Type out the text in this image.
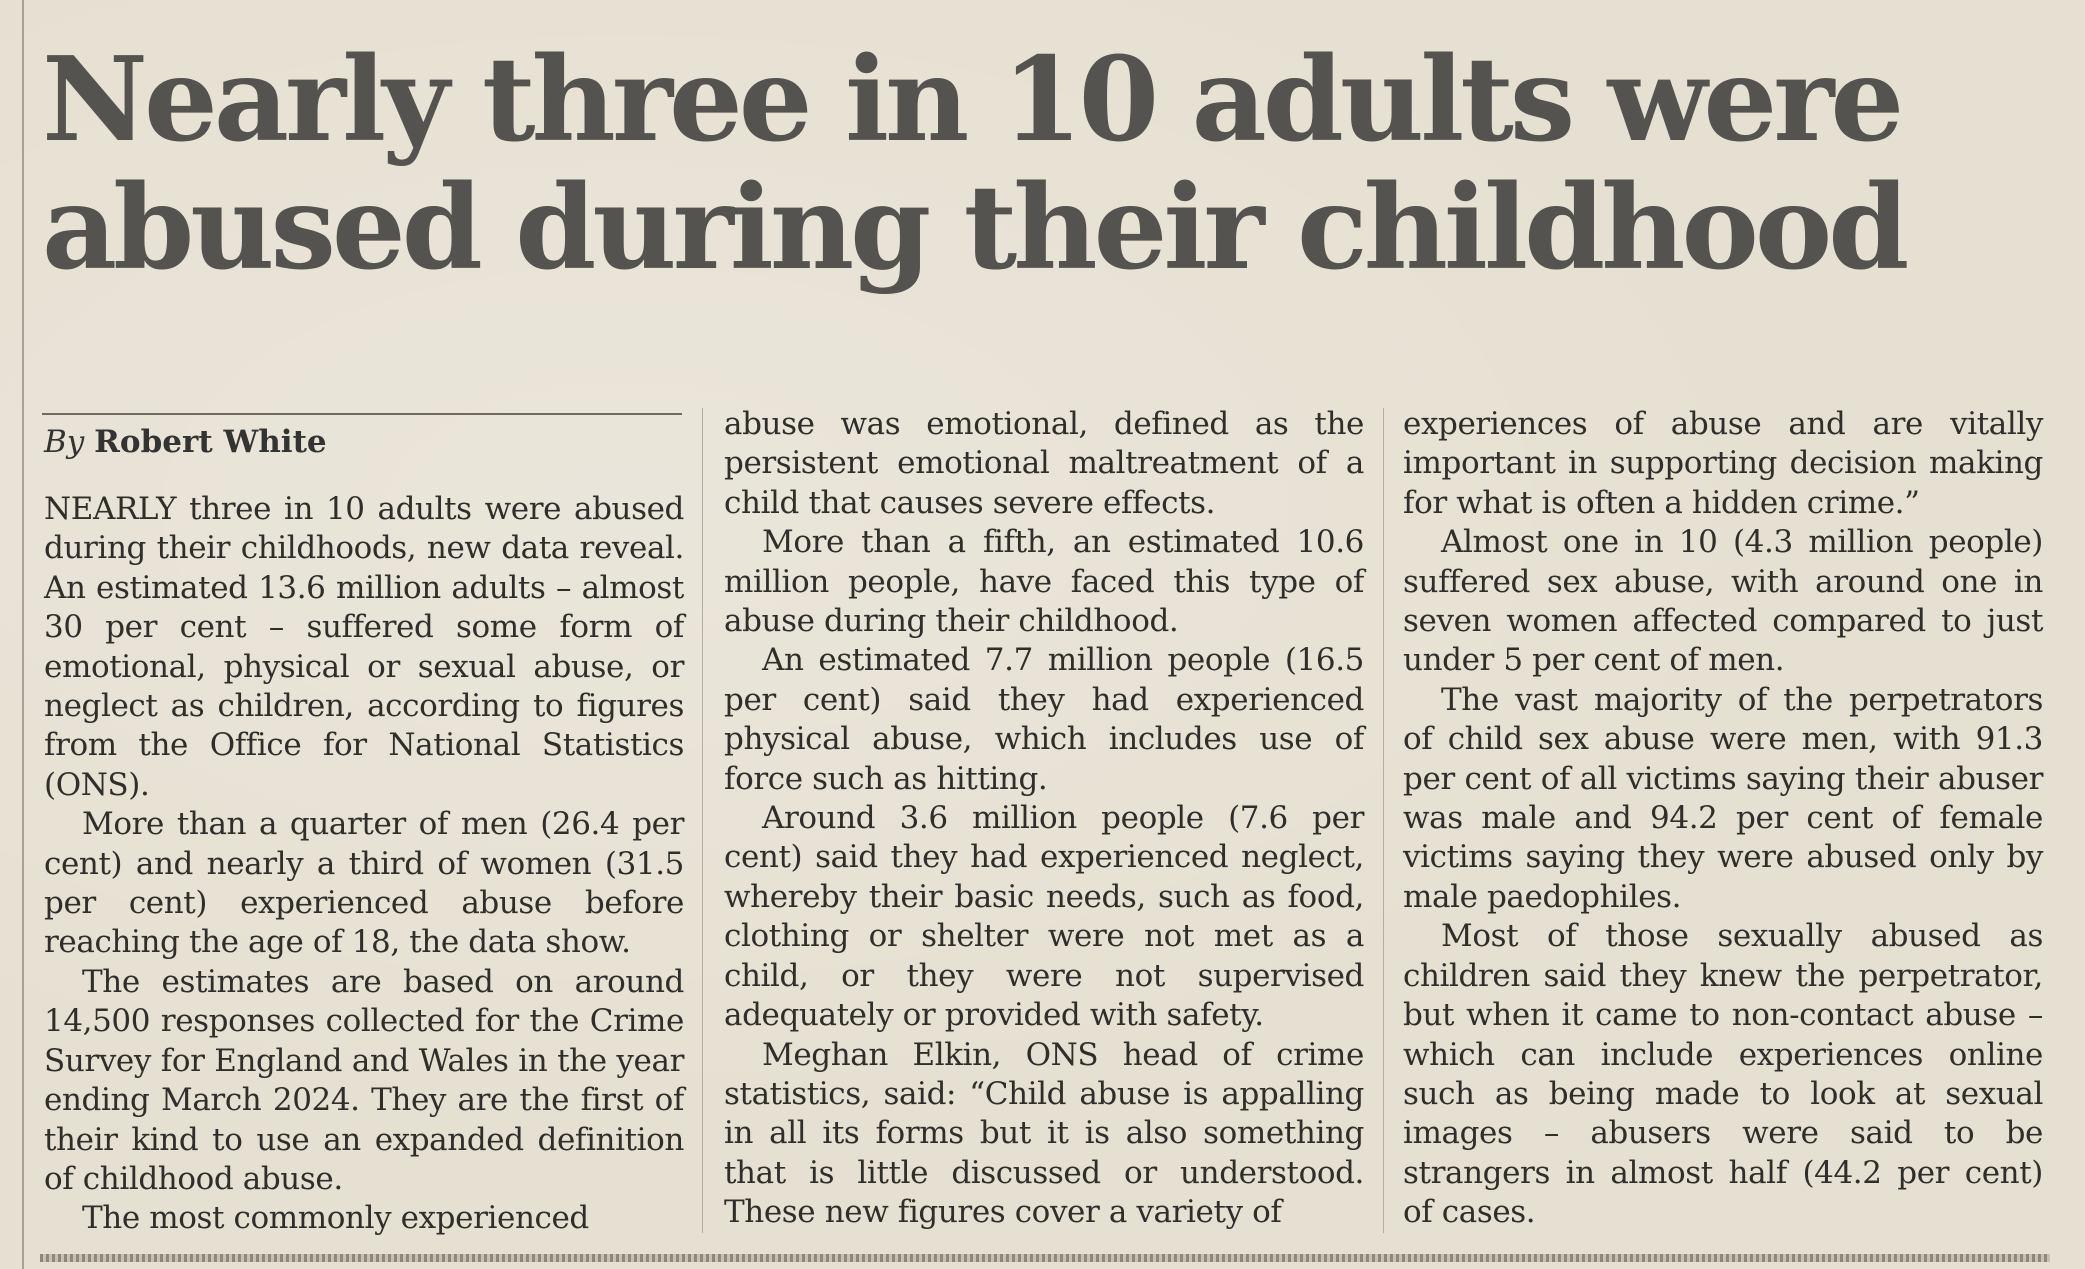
Nearly three in 10 adults were
abused during their childhood
By Robert White

NEARLY three in 10 adults were abused during their childhoods, new data reveal. An estimated 13.6 million adults – almost 30 per cent – suffered some form of emotional, physical or sexual abuse, or neglect as children, according to figures from the Office for National Statistics (ONS).

More than a quarter of men (26.4 per cent) and nearly a third of women (31.5 per cent) experienced abuse before reaching the age of 18, the data show.

The estimates are based on around 14,500 responses collected for the Crime Survey for England and Wales in the year ending March 2024. They are the first of their kind to use an expanded definition of childhood abuse.

The most commonly experienced

abuse was emotional, defined as the persistent emotional maltreatment of a child that causes severe effects.

More than a fifth, an estimated 10.6 million people, have faced this type of abuse during their childhood.

An estimated 7.7 million people (16.5 per cent) said they had experienced physical abuse, which includes use of force such as hitting.

Around 3.6 million people (7.6 per cent) said they had experienced neglect, whereby their basic needs, such as food, clothing or shelter were not met as a child, or they were not supervised adequately or provided with safety.

Meghan Elkin, ONS head of crime statistics, said: “Child abuse is appalling in all its forms but it is also something that is little discussed or understood. These new figures cover a variety of

experiences of abuse and are vitally important in supporting decision making for what is often a hidden crime.”

Almost one in 10 (4.3 million people) suffered sex abuse, with around one in seven women affected compared to just under 5 per cent of men.

The vast majority of the perpetrators of child sex abuse were men, with 91.3 per cent of all victims saying their abuser was male and 94.2 per cent of female victims saying they were abused only by male paedophiles.

Most of those sexually abused as children said they knew the perpetrator, but when it came to non-contact abuse – which can include experiences online such as being made to look at sexual images – abusers were said to be strangers in almost half (44.2 per cent) of cases.
